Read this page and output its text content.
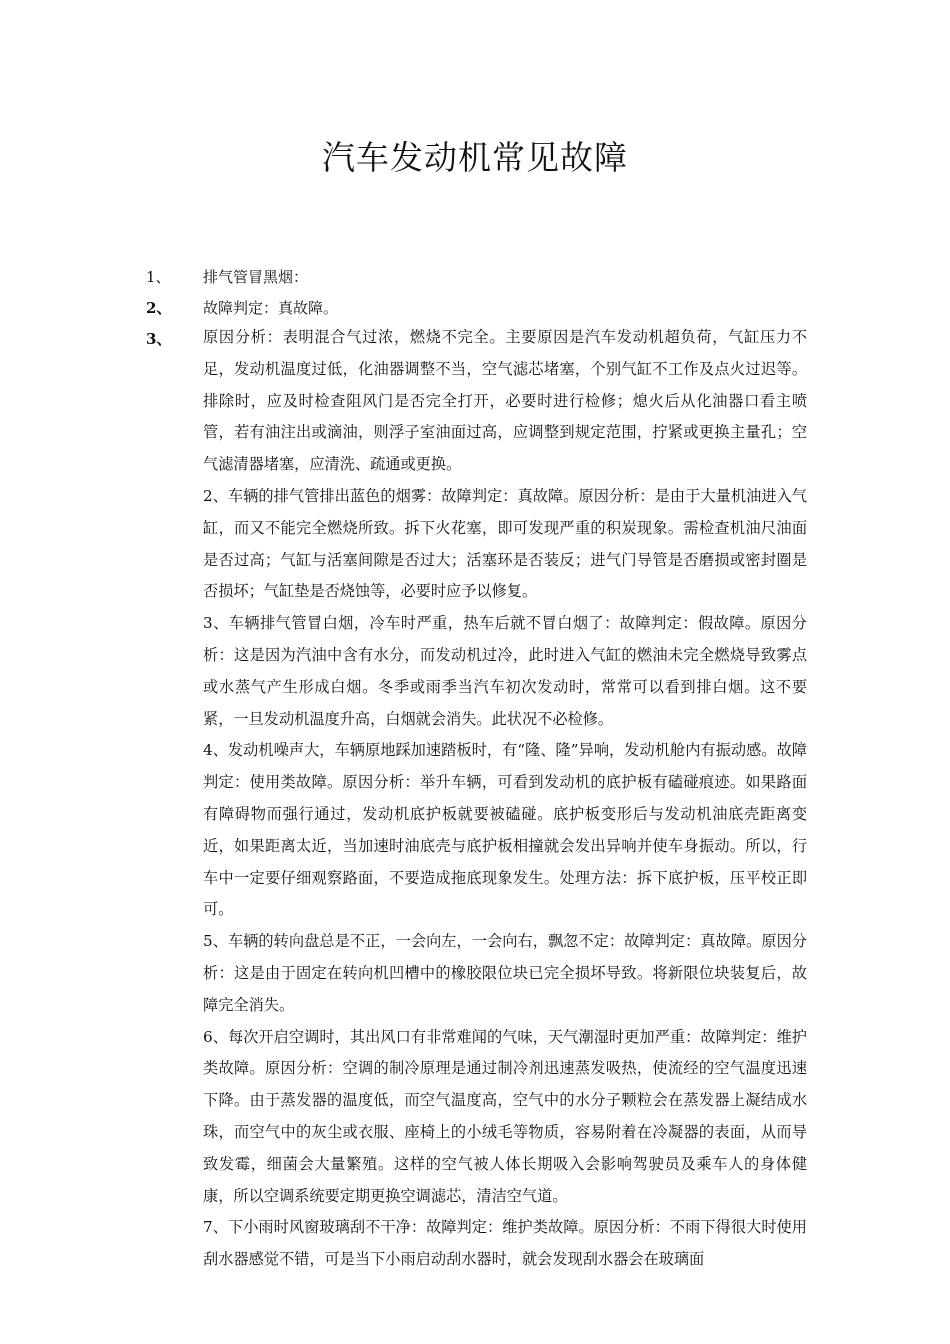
汽车发动机常见故障
1、	排气管冒黑烟：
2、	故障判定：真故障。
3、	原因分析：表明混合气过浓，燃烧不完全。主要原因是汽车发动机超负荷，气缸压力不足，发动机温度过低，化油器调整不当，空气滤芯堵塞，个别气缸不工作及点火过迟等。排除时，应及时检查阻风门是否完全打开，必要时进行检修；熄火后从化油器口看主喷管，若有油注出或滴油，则浮子室油面过高，应调整到规定范围，拧紧或更换主量孔；空气滤清器堵塞，应清洗、疏通或更换。

2、车辆的排气管排出蓝色的烟雾：故障判定：真故障。原因分析：是由于大量机油进入气缸，而又不能完全燃烧所致。拆下火花塞，即可发现严重的积炭现象。需检查机油尺油面是否过高；气缸与活塞间隙是否过大；活塞环是否装反；进气门导管是否磨损或密封圈是否损坏；气缸垫是否烧蚀等，必要时应予以修复。

3、车辆排气管冒白烟，冷车时严重，热车后就不冒白烟了：故障判定：假故障。原因分析：这是因为汽油中含有水分，而发动机过冷，此时进入气缸的燃油未完全燃烧导致雾点或水蒸气产生形成白烟。冬季或雨季当汽车初次发动时，常常可以看到排白烟。这不要紧，一旦发动机温度升高，白烟就会消失。此状况不必检修。

4、发动机噪声大，车辆原地踩加速踏板时，有“隆、隆”异响，发动机舱内有振动感。故障判定：使用类故障。原因分析：举升车辆，可看到发动机的底护板有磕碰痕迹。如果路面有障碍物而强行通过，发动机底护板就要被磕碰。底护板变形后与发动机油底壳距离变近，如果距离太近，当加速时油底壳与底护板相撞就会发出异响并使车身振动。所以，行车中一定要仔细观察路面，不要造成拖底现象发生。处理方法：拆下底护板，压平校正即可。

5、车辆的转向盘总是不正，一会向左，一会向右，飘忽不定：故障判定：真故障。原因分析：这是由于固定在转向机凹槽中的橡胶限位块已完全损坏导致。将新限位块装复后，故障完全消失。

6、每次开启空调时，其出风口有非常难闻的气味，天气潮湿时更加严重：故障判定：维护类故障。原因分析：空调的制冷原理是通过制冷剂迅速蒸发吸热，使流经的空气温度迅速下降。由于蒸发器的温度低，而空气温度高，空气中的水分子颗粒会在蒸发器上凝结成水珠，而空气中的灰尘或衣服、座椅上的小绒毛等物质，容易附着在冷凝器的表面，从而导致发霉，细菌会大量繁殖。这样的空气被人体长期吸入会影响驾驶员及乘车人的身体健康，所以空调系统要定期更换空调滤芯，清洁空气道。

7、下小雨时风窗玻璃刮不干净：故障判定：维护类故障。原因分析：不雨下得很大时使用刮水器感觉不错，可是当下小雨启动刮水器时，就会发现刮水器会在玻璃面
